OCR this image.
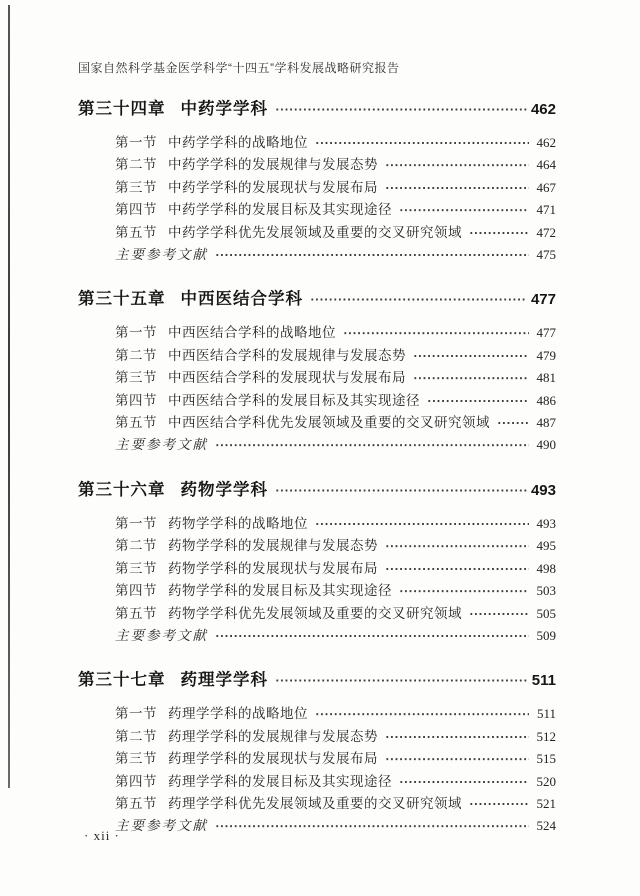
国家自然科学基金医学科学“十四五”学科发展战略研究报告
第三十四章 中药学学科	462
第一节 中药学学科的战略地位	462
第二节 中药学学科的发展规律与发展态势	464
第三节 中药学学科的发展现状与发展布局	467
第四节 中药学学科的发展目标及其实现途径	471
第五节 中药学学科优先发展领域及重要的交叉研究领域	472
主要参考文献	475
第三十五章 中西医结合学科	477
第一节 中西医结合学科的战略地位	477
第二节 中西医结合学科的发展规律与发展态势	479
第三节 中西医结合学科的发展现状与发展布局	481
第四节 中西医结合学科的发展目标及其实现途径	486
第五节 中西医结合学科优先发展领域及重要的交叉研究领域	487
主要参考文献	490
第三十六章 药物学学科	493
第一节 药物学学科的战略地位	493
第二节 药物学学科的发展规律与发展态势	495
第三节 药物学学科的发展现状与发展布局	498
第四节 药物学学科的发展目标及其实现途径	503
第五节 药物学学科优先发展领域及重要的交叉研究领域	505
主要参考文献	509
第三十七章 药理学学科	511
第一节 药理学学科的战略地位	511
第二节 药理学学科的发展规律与发展态势	512
第三节 药理学学科的发展现状与发展布局	515
第四节 药理学学科的发展目标及其实现途径	520
第五节 药理学学科优先发展领域及重要的交叉研究领域	521
主要参考文献	524
· xii ·
